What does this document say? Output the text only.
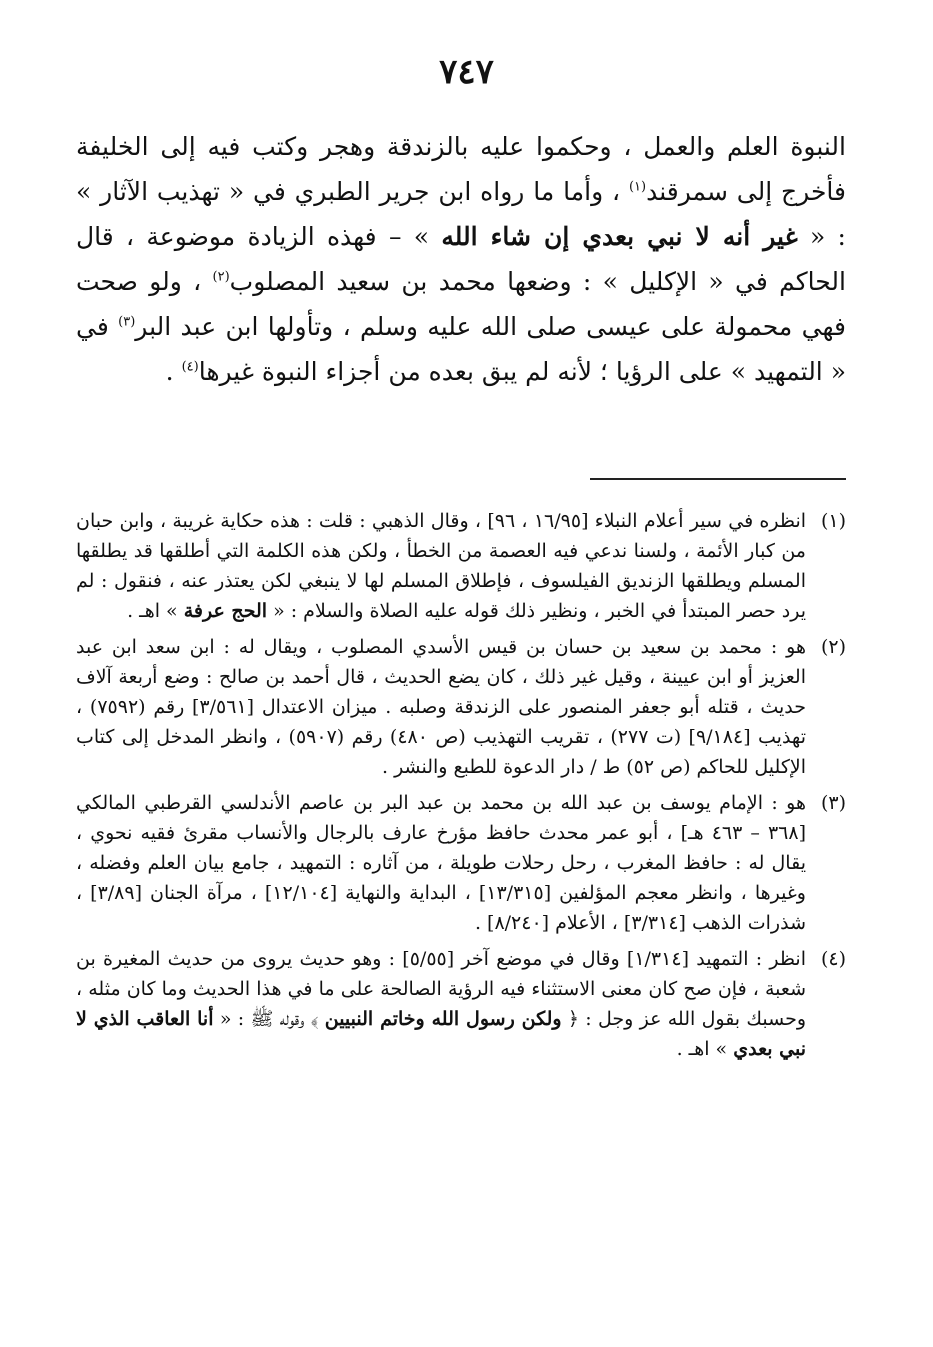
٧٤٧

النبوة العلم والعمل ، وحكموا عليه بالزندقة وهجر وكتب فيه إلى الخليفة فأخرج إلى سمرقند$^{(١)}$ ، وأما ما رواه ابن جرير الطبري في « تهذيب الآثار » : « غير أنه لا نبي بعدي إن شاء الله » – فهذه الزيادة موضوعة ، قال الحاكم في « الإكليل » : وضعها محمد بن سعيد المصلوب$^{(٢)}$ ، ولو صحت فهي محمولة على عيسى صلى الله عليه وسلم ، وتأولها ابن عبد البر$^{(٣)}$ في « التمهيد » على الرؤيا ؛ لأنه لم يبق بعده من أجزاء النبوة غيرها$^{(٤)}$ .

(١)
انظره في سير أعلام النبلاء [١٦/٩٥ ، ٩٦] ، وقال الذهبي : قلت : هذه حكاية غريبة ، وابن حبان من كبار الأئمة ، ولسنا ندعي فيه العصمة من الخطأ ، ولكن هذه الكلمة التي أطلقها قد يطلقها المسلم ويطلقها الزنديق الفيلسوف ، فإطلاق المسلم لها لا ينبغي لكن يعتذر عنه ، فنقول : لم يرد حصر المبتدأ في الخبر ، ونظير ذلك قوله عليه الصلاة والسلام : « الحج عرفة » اهـ .
(٢)
هو : محمد بن سعيد بن حسان بن قيس الأسدي المصلوب ، ويقال له : ابن سعد ابن عبد العزيز أو ابن عيينة ، وقيل غير ذلك ، كان يضع الحديث ، قال أحمد بن صالح : وضع أربعة آلاف حديث ، قتله أبو جعفر المنصور على الزندقة وصلبه . ميزان الاعتدال [٣/٥٦١] رقم (٧٥٩٢) ، تهذيب [٩/١٨٤] (ت ٢٧٧) ، تقريب التهذيب (ص ٤٨٠) رقم (٥٩٠٧) ، وانظر المدخل إلى كتاب الإكليل للحاكم (ص ٥٢) ط / دار الدعوة للطبع والنشر .
(٣)
هو : الإمام يوسف بن عبد الله بن محمد بن عبد البر بن عاصم الأندلسي القرطبي المالكي [٣٦٨ – ٤٦٣ هـ] ، أبو عمر محدث حافظ مؤرخ عارف بالرجال والأنساب مقرئ فقيه نحوي ، يقال له : حافظ المغرب ، رحل رحلات طويلة ، من آثاره : التمهيد ، جامع بيان العلم وفضله ، وغيرها ، وانظر معجم المؤلفين [١٣/٣١٥] ، البداية والنهاية [١٢/١٠٤] ، مرآة الجنان [٣/٨٩] ، شذرات الذهب [٣/٣١٤] ، الأعلام [٨/٢٤٠] .
(٤)
انظر : التمهيد [١/٣١٤] وقال في موضع آخر [٥/٥٥] : وهو حديث يروى من حديث المغيرة بن شعبة ، فإن صح كان معنى الاستثناء فيه الرؤية الصالحة على ما في هذا الحديث وما كان مثله ، وحسبك بقول الله عز وجل : ﴿ ولكن رسول الله وخاتم النبيين ﴾ وقوله ﷺ : « أنا العاقب الذي لا نبي بعدي » اهـ .
